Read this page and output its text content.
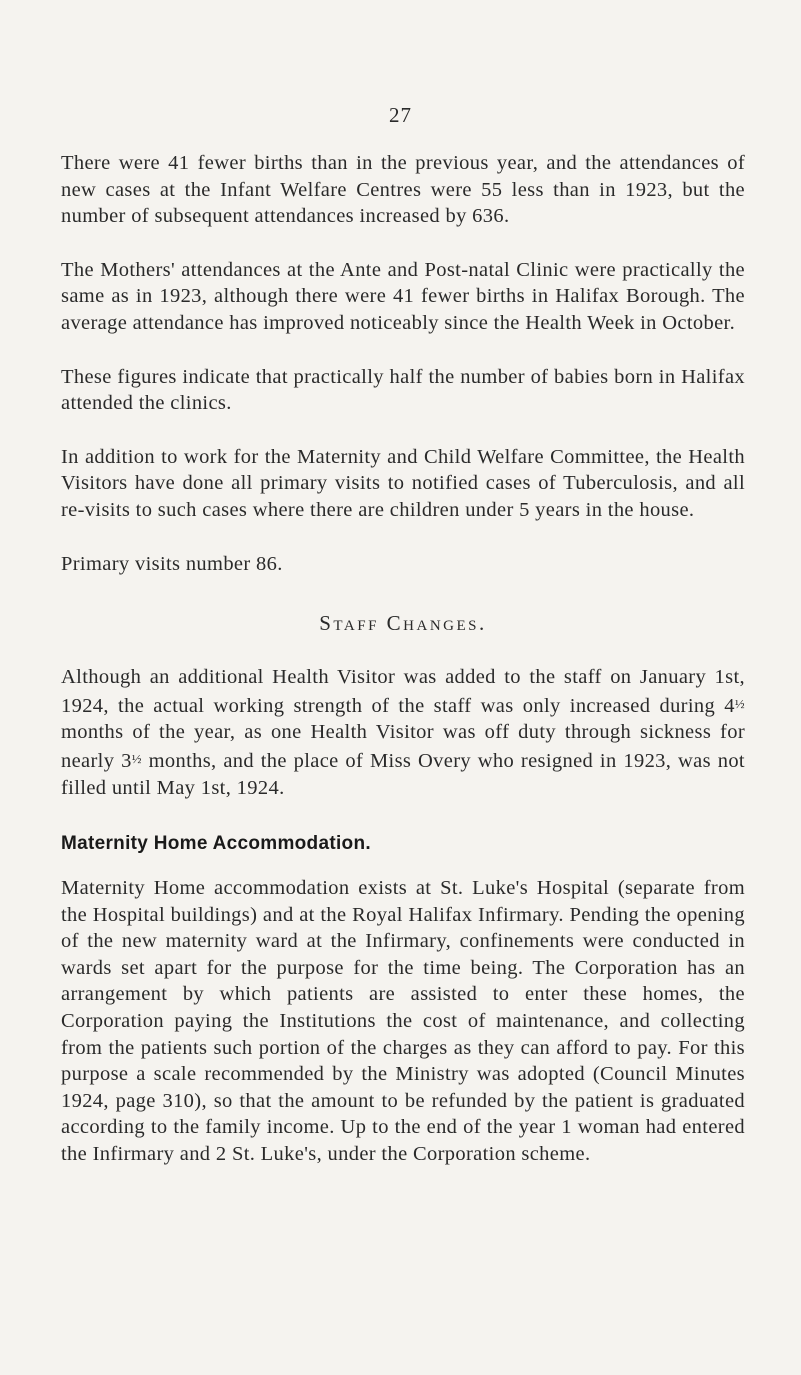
27

There were 41 fewer births than in the previous year, and the attendances of new cases at the Infant Welfare Centres were 55 less than in 1923, but the number of subsequent attendances increased by 636.

The Mothers' attendances at the Ante and Post-natal Clinic were practically the same as in 1923, although there were 41 fewer births in Halifax Borough. The average attendance has improved noticeably since the Health Week in October.

These figures indicate that practically half the number of babies born in Halifax attended the clinics.

In addition to work for the Maternity and Child Welfare Committee, the Health Visitors have done all primary visits to notified cases of Tuberculosis, and all re-visits to such cases where there are children under 5 years in the house.

Primary visits number 86.

Staff Changes.

Although an additional Health Visitor was added to the staff on January 1st, 1924, the actual working strength of the staff was only increased during 4½ months of the year, as one Health Visitor was off duty through sickness for nearly 3½ months, and the place of Miss Overy who resigned in 1923, was not filled until May 1st, 1924.

Maternity Home Accommodation.

Maternity Home accommodation exists at St. Luke's Hospital (separate from the Hospital buildings) and at the Royal Halifax Infirmary. Pending the opening of the new maternity ward at the Infirmary, confinements were conducted in wards set apart for the purpose for the time being. The Corporation has an arrangement by which patients are assisted to enter these homes, the Corporation paying the Institutions the cost of maintenance, and collecting from the patients such portion of the charges as they can afford to pay. For this purpose a scale recommended by the Ministry was adopted (Council Minutes 1924, page 310), so that the amount to be refunded by the patient is graduated according to the family income. Up to the end of the year 1 woman had entered the Infirmary and 2 St. Luke's, under the Corporation scheme.
